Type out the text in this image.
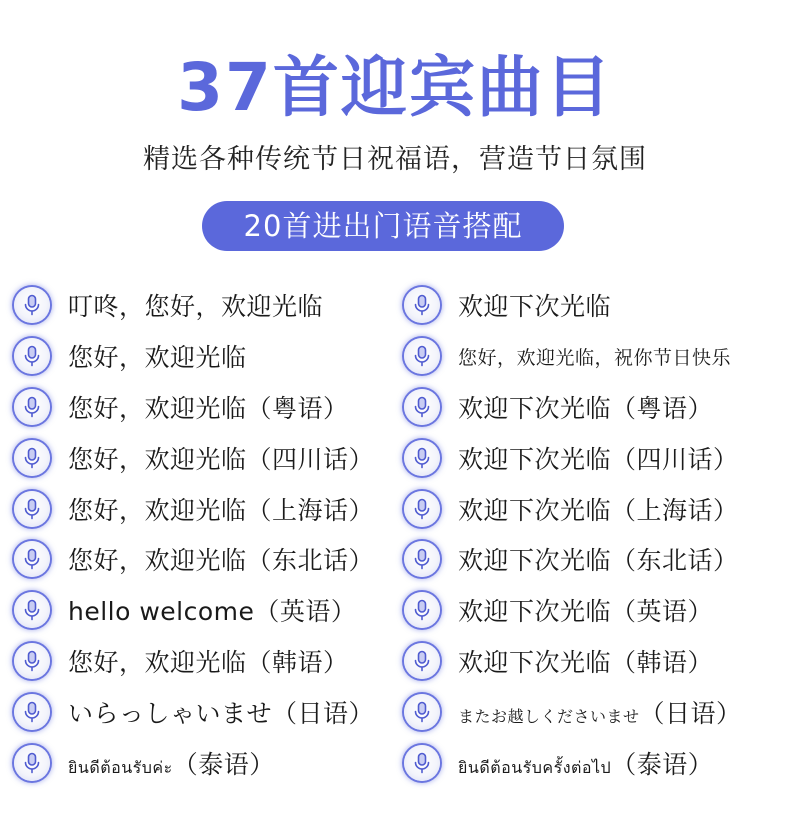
37首迎宾曲目
精选各种传统节日祝福语，营造节日氛围
20首进出门语音搭配
叮咚，您好，欢迎光临
您好，欢迎光临
您好，欢迎光临（粤语）
您好，欢迎光临（四川话）
您好，欢迎光临（上海话）
您好，欢迎光临（东北话）
hello welcome（英语）
您好，欢迎光临（韩语）
いらっしゃいませ（日语）
ยินดีต้อนรับค่ะ（泰语）
欢迎下次光临
您好，欢迎光临，祝你节日快乐
欢迎下次光临（粤语）
欢迎下次光临（四川话）
欢迎下次光临（上海话）
欢迎下次光临（东北话）
欢迎下次光临（英语）
欢迎下次光临（韩语）
またお越しくださいませ（日语）
ยินดีต้อนรับครั้งต่อไป（泰语）
